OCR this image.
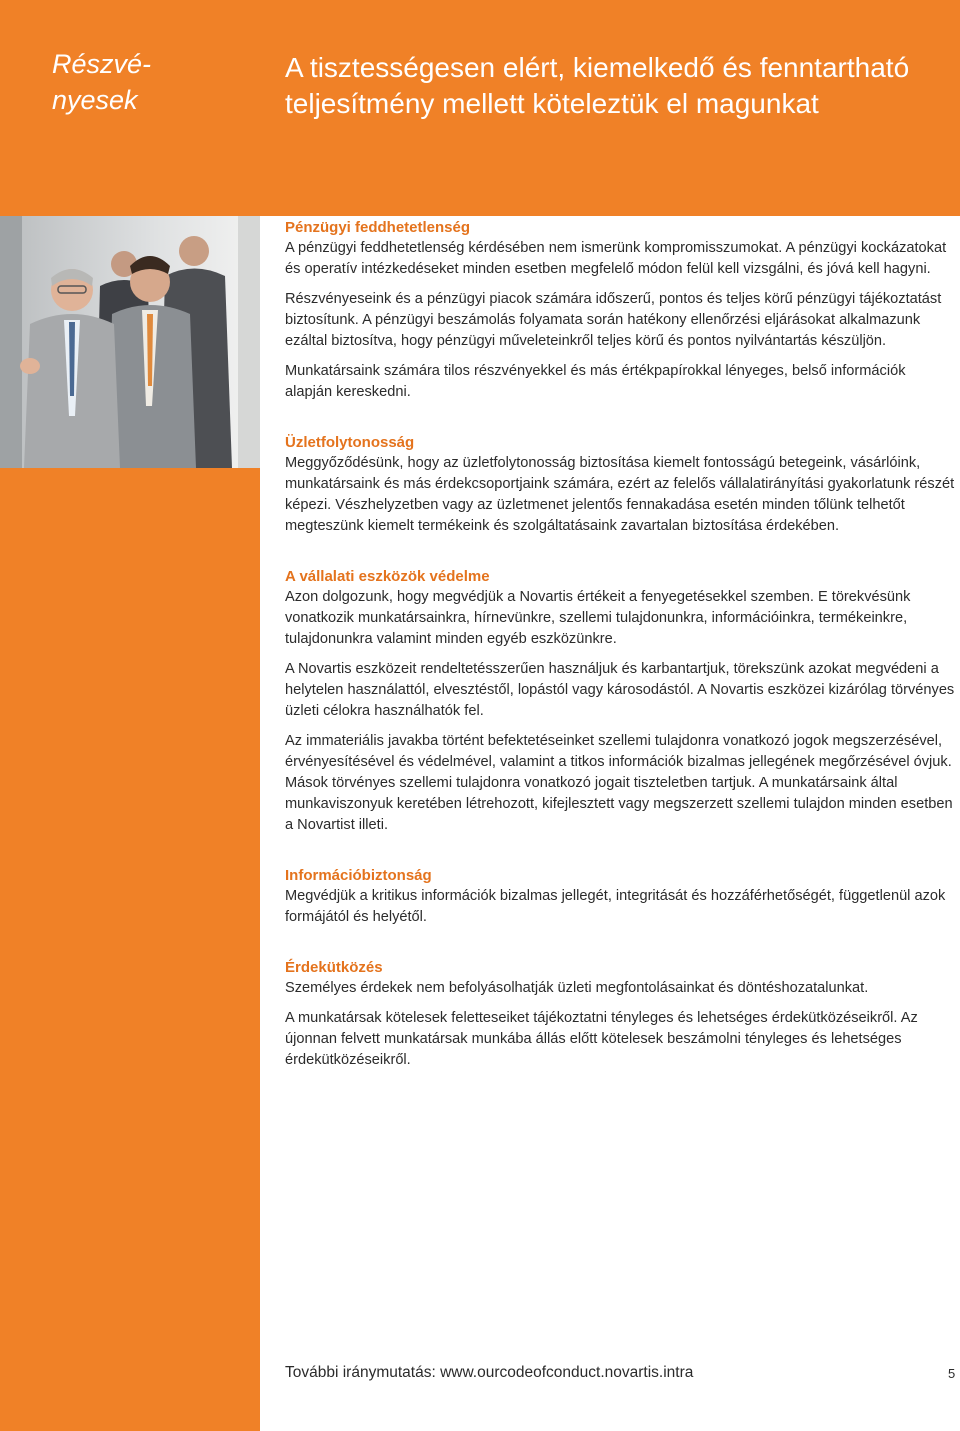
Részvé-
nyesek
A tisztességesen elért, kiemelkedő és fenntartható teljesítmény mellett köteleztük el magunkat

Pénzügyi feddhetetlenség

A pénzügyi feddhetetlenség kérdésében nem ismerünk kompromisszumokat. A pénzügyi kockázatokat és operatív intézkedéseket minden esetben megfelelő módon felül kell vizsgálni, és jóvá kell hagyni.

Részvényeseink és a pénzügyi piacok számára időszerű, pontos és teljes körű pénzügyi tájékoztatást biztosítunk. A pénzügyi beszámolás folyamata során hatékony ellenőrzési eljárásokat alkalmazunk ezáltal biztosítva, hogy pénzügyi műveleteinkről teljes körű és pontos nyilvántartás készüljön.

Munkatársaink számára tilos részvényekkel és más értékpapírokkal lényeges, belső információk alapján kereskedni.

Üzletfolytonosság

Meggyőződésünk, hogy az üzletfolytonosság biztosítása kiemelt fontosságú betegeink, vásárlóink, munkatársaink és más érdekcsoportjaink számára, ezért az felelős vállalatirányítási gyakorlatunk részét képezi. Vészhelyzetben vagy az üzletmenet jelentős fennakadása esetén minden tőlünk telhetőt megteszünk kiemelt termékeink és szolgáltatásaink zavartalan biztosítása érdekében.

A vállalati eszközök védelme

Azon dolgozunk, hogy megvédjük a Novartis értékeit a fenyegetésekkel szemben. E törekvésünk vonatkozik munkatársainkra, hírnevünkre, szellemi tulajdonunkra, információinkra, termékeinkre, tulajdonunkra valamint minden egyéb eszközünkre.

A Novartis eszközeit rendeltetésszerűen használjuk és karbantartjuk, törekszünk azokat megvédeni a helytelen használattól, elvesztéstől, lopástól vagy károsodástól. A Novartis eszközei kizárólag törvényes üzleti célokra használhatók fel.

Az immateriális javakba történt befektetéseinket szellemi tulajdonra vonatkozó jogok megszerzésével, érvényesítésével és védelmével, valamint a titkos információk bizalmas jellegének megőrzésével óvjuk. Mások törvényes szellemi tulajdonra vonatkozó jogait tiszteletben tartjuk. A munkatársaink által munkaviszonyuk keretében létrehozott, kifejlesztett vagy megszerzett szellemi tulajdon minden esetben a Novartist illeti.

Információbiztonság

Megvédjük a kritikus információk bizalmas jellegét, integritását és hozzáférhetőségét, függetlenül azok formájától és helyétől.

Érdekütközés

Személyes érdekek nem befolyásolhatják üzleti megfontolásainkat és döntéshozatalunkat.

A munkatársak kötelesek feletteseiket tájékoztatni tényleges és lehetséges érdekütközéseikről. Az újonnan felvett munkatársak munkába állás előtt kötelesek beszámolni tényleges és lehetséges érdekütközéseikről.

További iránymutatás: www.ourcodeofconduct.novartis.intra	5
